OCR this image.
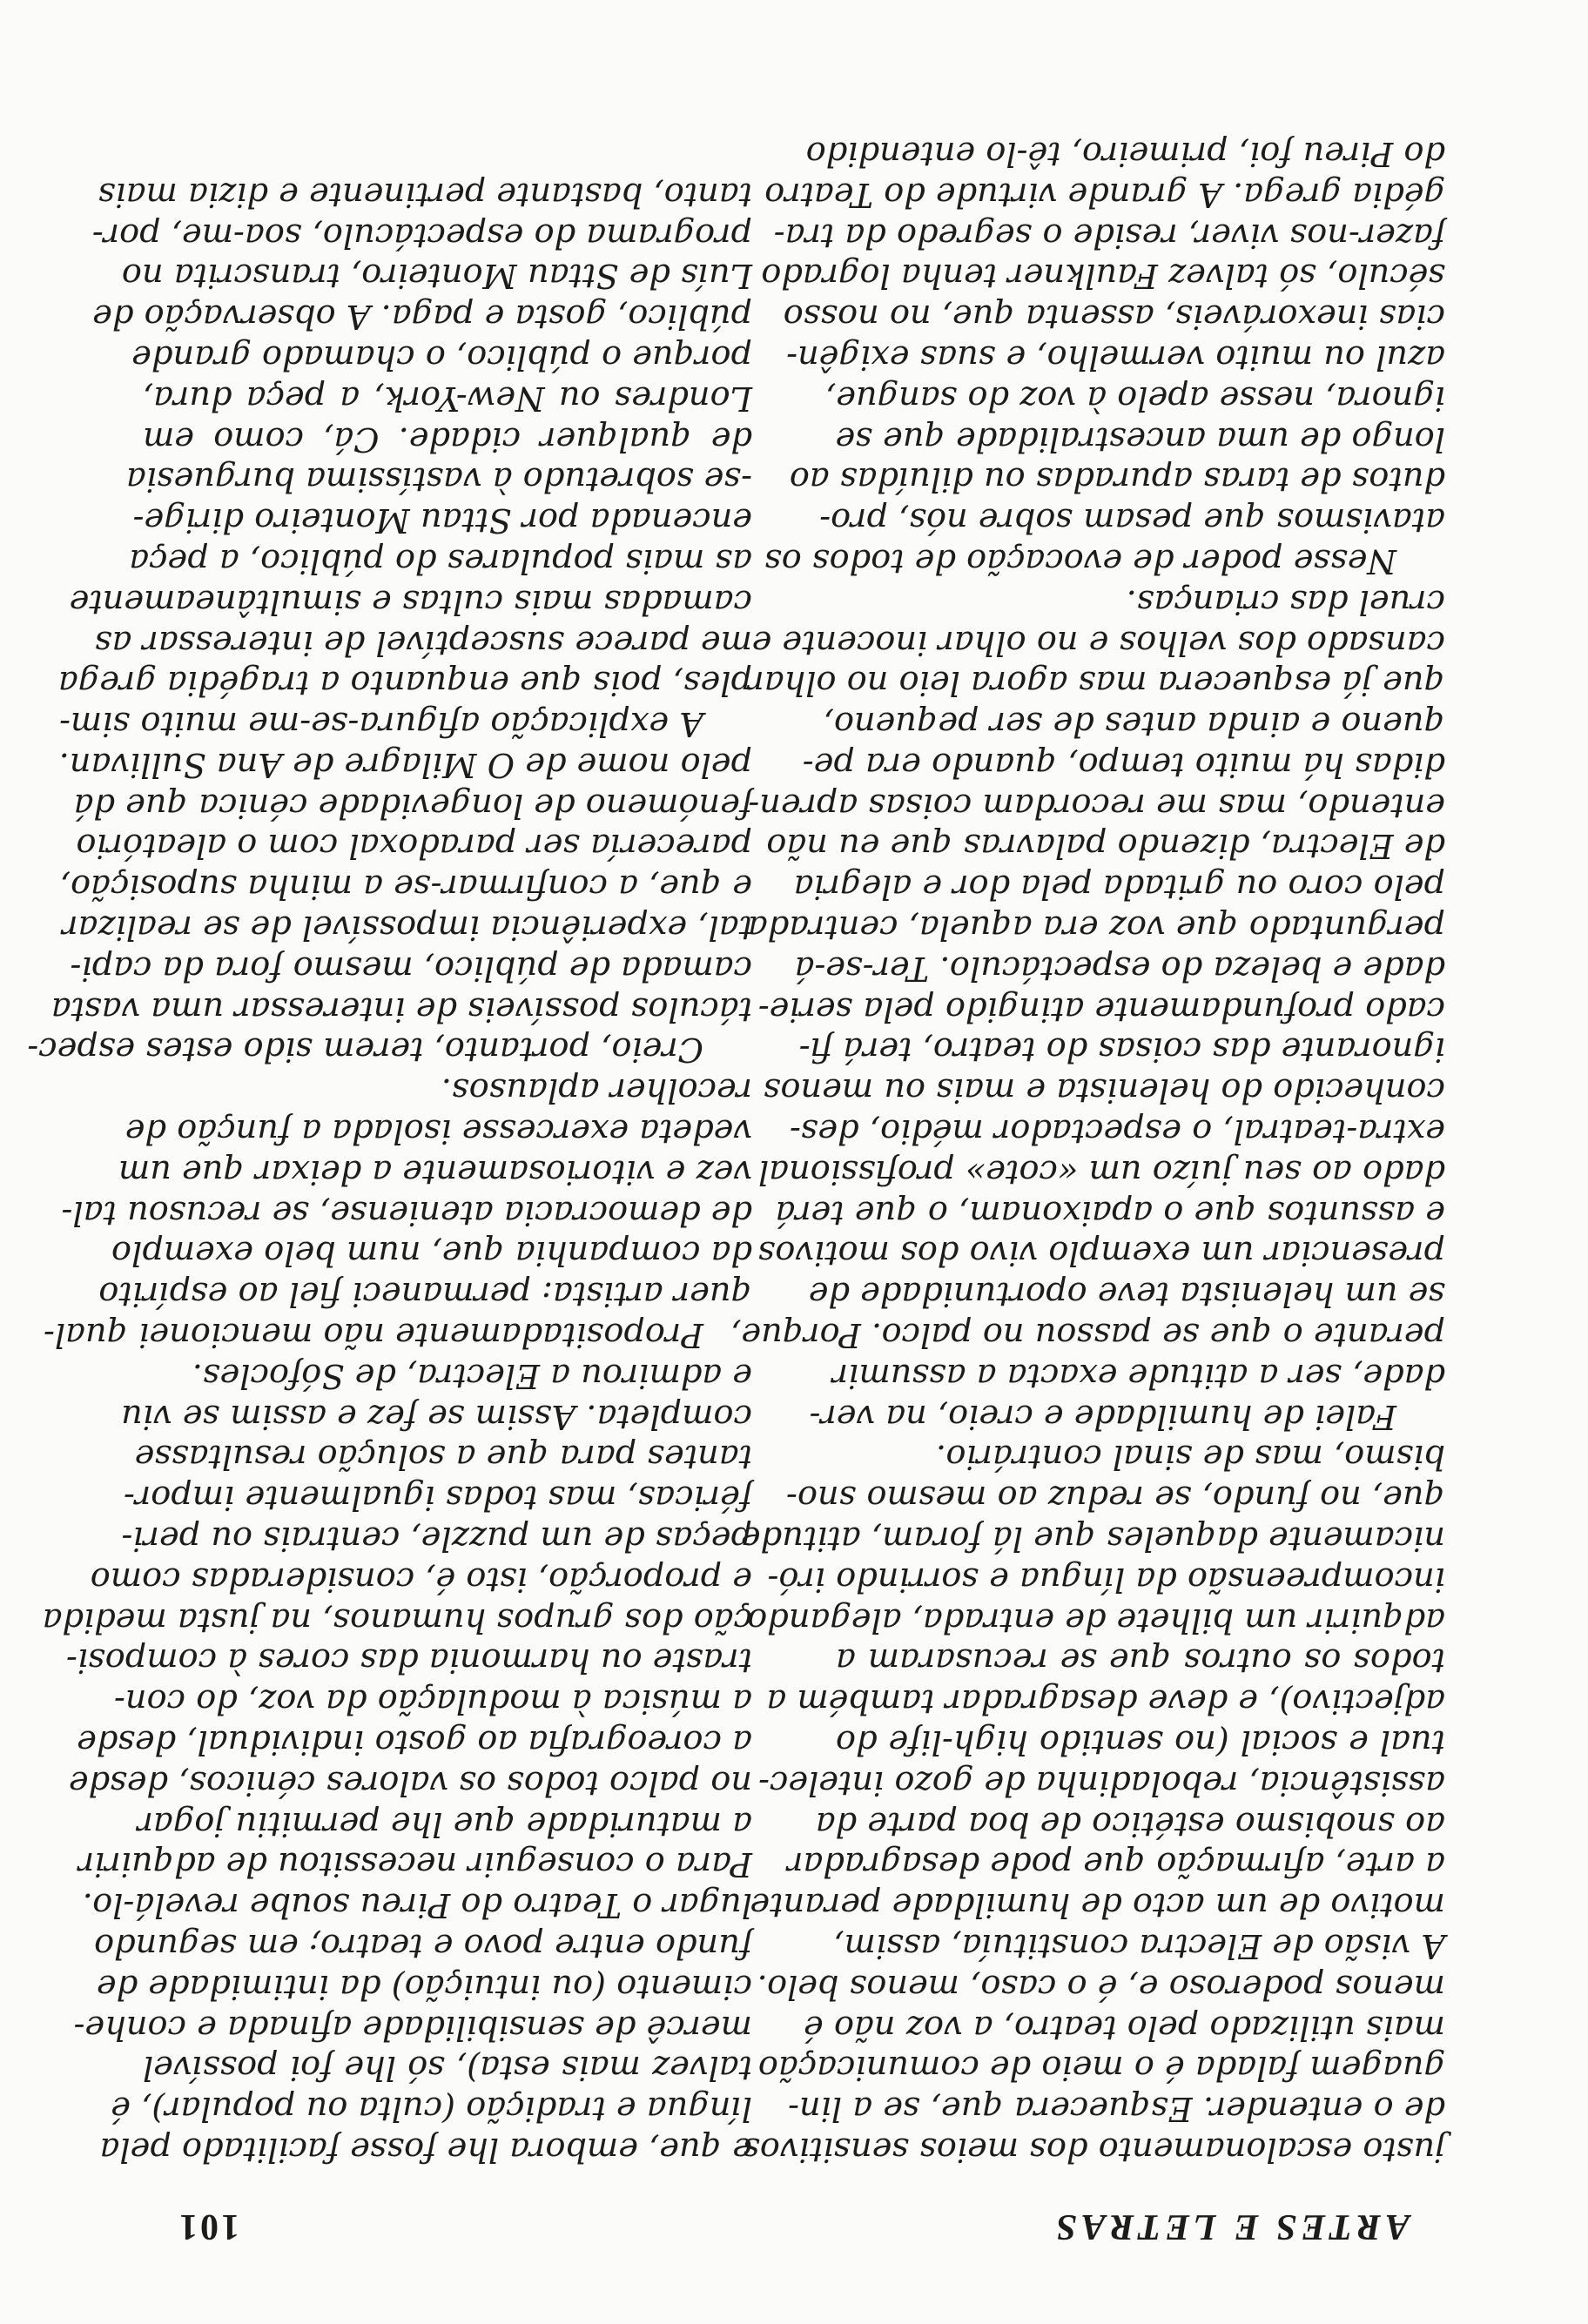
ARTES E LETRAS
101
justo escalonamento dos meios sensitivos
de o entender. Esquecera que, se a lin-
guagem falada é o meio de comunicação
mais utilizado pelo teatro, a voz não é
menos poderoso e, é o caso, menos belo.
A visão de Electra constituía, assim,
motivo de um acto de humildade perante
a arte, afirmação que pode desagradar
ao snobismo estético de boa parte da
assistência, reboladinha de gozo intelec-
tual e social (no sentido high-life do
adjectivo), e deve desagradar também a
todos os outros que se recusaram a
adquirir um bilhete de entrada, alegando
incompreensão da língua e sorrindo iró-
nicamente daqueles que lá foram, atitude
que, no fundo, se reduz ao mesmo sno-
bismo, mas de sinal contrário.
Falei de humildade e creio, na ver-
dade, ser a atitude exacta a assumir
perante o que se passou no palco. Porque,
se um helenista teve oportunidade de
presenciar um exemplo vivo dos motivos
e assuntos que o apaixonam, o que terá
dado ao seu juízo um «cote» profissional
extra-teatral, o espectador médio, des-
conhecido do helenista e mais ou menos
ignorante das coisas do teatro, terá fi-
cado profundamente atingido pela serie-
dade e beleza do espectáculo. Ter-se-á
perguntado que voz era aquela, centrada
pelo coro ou gritada pela dor e alegria
de Electra, dizendo palavras que eu não
entendo, mas me recordam coisas apren-
didas há muito tempo, quando era pe-
queno e ainda antes de ser pequeno,
que já esquecera mas agora leio no olhar
cansado dos velhos e no olhar inocente e
cruel das crianças.
Nesse poder de evocação de todos os
atavismos que pesam sobre nós, pro-
dutos de taras apuradas ou diluídas ao
longo de uma ancestralidade que se
ignora, nesse apelo à voz do sangue,
azul ou muito vermelho, e suas exigên-
cias inexoráveis, assenta que, no nosso
século, só talvez Faulkner tenha logrado
fazer-nos viver, reside o segredo da tra-
gédia grega. A grande virtude do Teatro
do Pireu foi, primeiro, tê-lo entendido
e que, embora lhe fosse facilitado pela
língua e tradição (culta ou popular), é
talvez mais esta), só lhe foi possível
mercê de sensibilidade afinada e conhe-
cimento (ou intuição) da intimidade de
fundo entre povo e teatro; em segundo
lugar o Teatro do Pireu soube revelá-lo.
Para o conseguir necessitou de adquirir
a maturidade que lhe permitiu jogar
no palco todos os valores cénicos, desde
a coreografia ao gosto individual, desde
a música à modulação da voz, do con-
traste ou harmonia das cores à composi-
ção dos grupos humanos, na justa medida
e proporção, isto é, consideradas como
peças de um puzzle, centrais ou peri-
féricas, mas todas igualmente impor-
tantes para que a solução resultasse
completa. Assim se fez e assim se viu
e admirou a Electra, de Sófocles.
Propositadamente não mencionei qual-
quer artista: permaneci fiel ao espírito
da companhia que, num belo exemplo
de democracia ateniense, se recusou tal-
vez e vitoriosamente a deixar que um
vedeta exercesse isolada a função de
recolher aplausos.
Creio, portanto, terem sido estes espec-
táculos possíveis de interessar uma vasta
camada de público, mesmo fora da capi-
tal, experiência impossível de se realizar
e que, a confirmar-se a minha suposição,
parecería ser paradoxal com o aleatório
fenómeno de longevidade cénica que dá
pelo nome de O Milagre de Ana Sullivan.
A explicação afigura-se-me muito sim-
ples, pois que enquanto a tragédia grega
me parece susceptível de interessar as
camadas mais cultas e simultâneamente
as mais populares do público, a peça
encenada por Sttau Monteiro dirige-
-se sobretudo à vastíssima burguesia
de qualquer cidade. Cá, como em
Londres ou New-York, a peça dura,
porque o público, o chamado grande
público, gosta e paga. A observação de
Luís de Sttau Monteiro, transcrita no
programa do espectáculo, soa-me, por-
tanto, bastante pertinente e dizia mais
